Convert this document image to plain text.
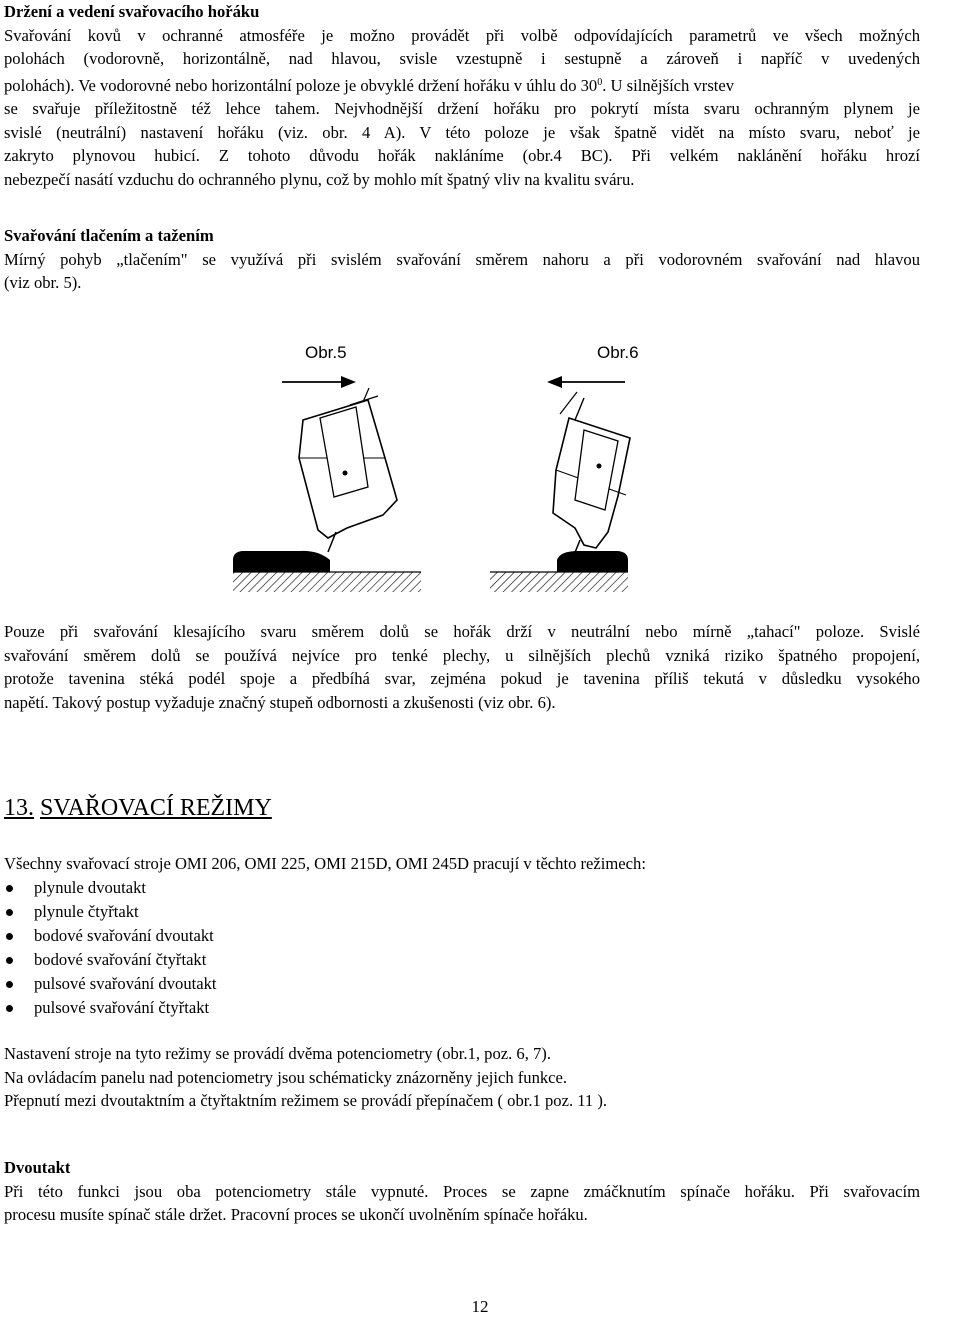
Držení a vedení svařovacího hořáku
Svařování kovů v ochranné atmosféře je možno provádět při volbě odpovídajících parametrů ve všech možných
polohách (vodorovně, horizontálně, nad hlavou, svisle vzestupně i sestupně a zároveň i napříč v uvedených
polohách). Ve vodorovné nebo horizontální poloze je obvyklé držení hořáku v úhlu do $30^0$. U silnějších vrstev
se svařuje příležitostně též lehce tahem. Nejvhodnější držení hořáku pro pokrytí místa svaru ochranným plynem je
svislé (neutrální) nastavení hořáku (viz. obr. 4 A). V této poloze je však špatně vidět na místo svaru, neboť je
zakryto plynovou hubicí. Z tohoto důvodu hořák nakláníme (obr.4 BC). Při velkém naklánění hořáku hrozí
nebezpečí nasátí vzduchu do ochranného plynu, což by mohlo mít špatný vliv na kvalitu sváru.
Svařování tlačením a tažením
Mírný pohyb „tlačením" se využívá při svislém svařování směrem nahoru a při vodorovném svařování nad hlavou
(viz obr. 5).
Obr.5	Obr.6
Pouze při svařování klesajícího svaru směrem dolů se hořák drží v neutrální nebo mírně „tahací" poloze. Svislé
svařování směrem dolů se používá nejvíce pro tenké plechy, u silnějších plechů vzniká riziko špatného propojení,
protože tavenina stéká podél spoje a předbíhá svar, zejména pokud je tavenina příliš tekutá v důsledku vysokého
napětí. Takový postup vyžaduje značný stupeň odbornosti a zkušenosti (viz obr. 6).
13. SVAŘOVACÍ REŽIMY
Všechny svařovací stroje OMI 206, OMI 225, OMI 215D, OMI 245D pracují v těchto režimech:
plynule dvoutakt
plynule čtyřtakt
bodové svařování dvoutakt
bodové svařování čtyřtakt
pulsové svařování dvoutakt
pulsové svařování čtyřtakt
Nastavení stroje na tyto režimy se provádí dvěma potenciometry (obr.1, poz. 6, 7).
Na ovládacím panelu nad potenciometry jsou schématicky znázorněny jejich funkce.
Přepnutí mezi dvoutaktním a čtyřtaktním režimem se provádí přepínačem ( obr.1 poz. 11 ).
Dvoutakt
Při této funkci jsou oba potenciometry stále vypnuté. Proces se zapne zmáčknutím spínače hořáku. Při svařovacím
procesu musíte spínač stále držet. Pracovní proces se ukončí uvolněním spínače hořáku.
12
